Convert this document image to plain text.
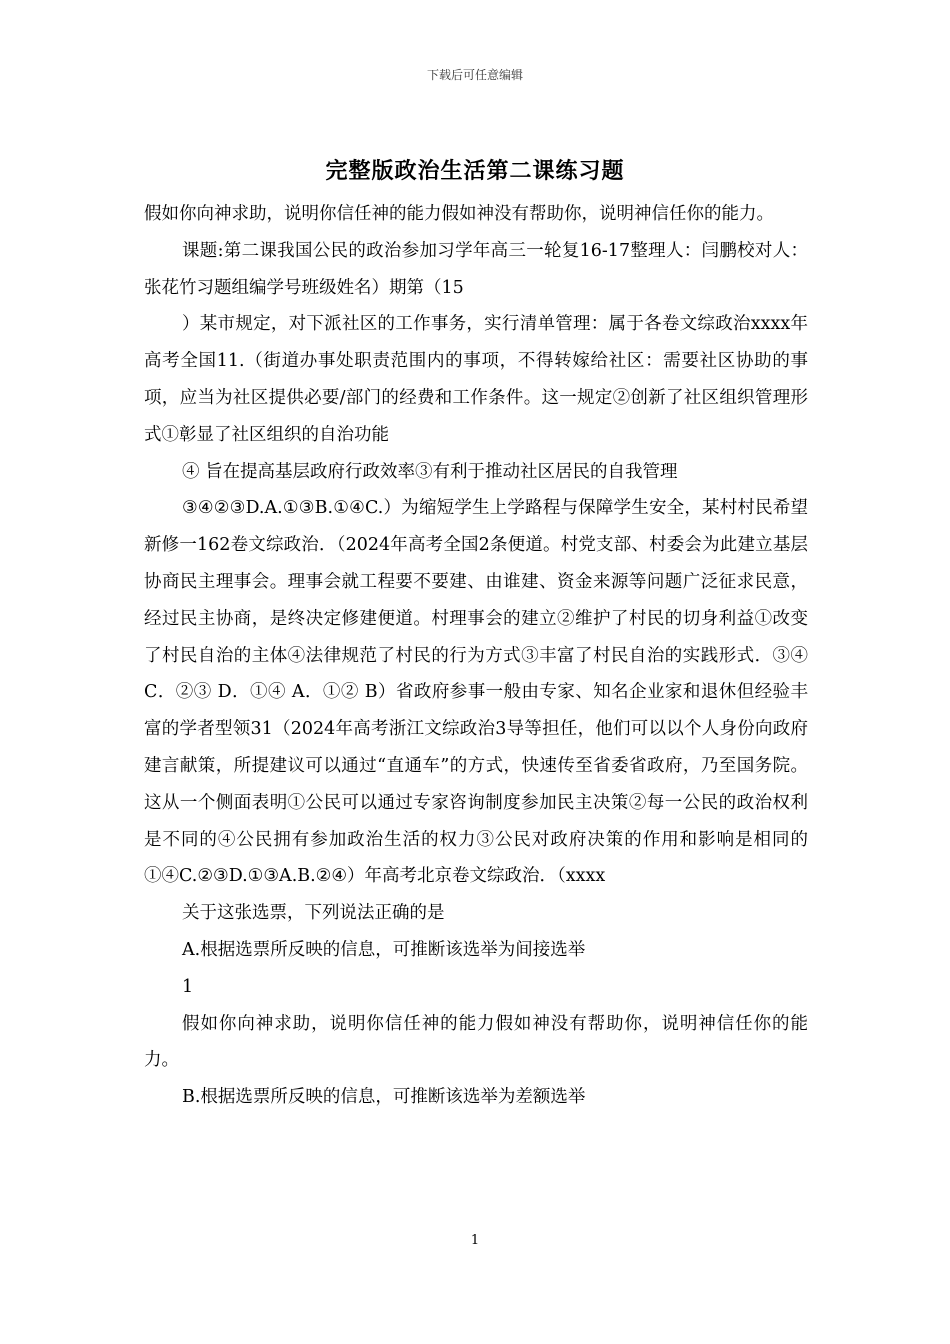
下载后可任意编辑
完整版政治生活第二课练习题

假如你向神求助，说明你信任神的能力假如神没有帮助你，说明神信任你的能力。

课题:第二课我国公民的政治参加习学年高三一轮复16-17整理人：闫鹏校对人：张花竹习题组编学号班级姓名）期第（15

）某市规定，对下派社区的工作事务，实行清单管理：属于各卷文综政治xxxx年高考全国11.（街道办事处职责范围内的事项，不得转嫁给社区：需要社区协助的事项，应当为社区提供必要/部门的经费和工作条件。这一规定②创新了社区组织管理形式①彰显了社区组织的自治功能

④ 旨在提高基层政府行政效率③有利于推动社区居民的自我管理

③④②③D.A.①③B.①④C.）为缩短学生上学路程与保障学生安全，某村村民希望新修一162卷文综政治．（2024年高考全国2条便道。村党支部、村委会为此建立基层协商民主理事会。理事会就工程要不要建、由谁建、资金来源等问题广泛征求民意，经过民主协商，是终决定修建便道。村理事会的建立②维护了村民的切身利益①改变了村民自治的主体④法律规范了村民的行为方式③丰富了村民自治的实践形式．③④ C．②③ D．①④ A．①② B）省政府参事一般由专家、知名企业家和退休但经验丰富的学者型领31（2024年高考浙江文综政治3导等担任，他们可以以个人身份向政府建言献策，所提建议可以通过“直通车”的方式，快速传至省委省政府，乃至国务院。这从一个侧面表明①公民可以通过专家咨询制度参加民主决策②每一公民的政治权利是不同的④公民拥有参加政治生活的权力③公民对政府决策的作用和影响是相同的①④C.②③D.①③A.B.②④）年高考北京卷文综政治．（xxxx

关于这张选票，下列说法正确的是

A.根据选票所反映的信息，可推断该选举为间接选举

1

假如你向神求助，说明你信任神的能力假如神没有帮助你，说明神信任你的能力。

B.根据选票所反映的信息，可推断该选举为差额选举

1
